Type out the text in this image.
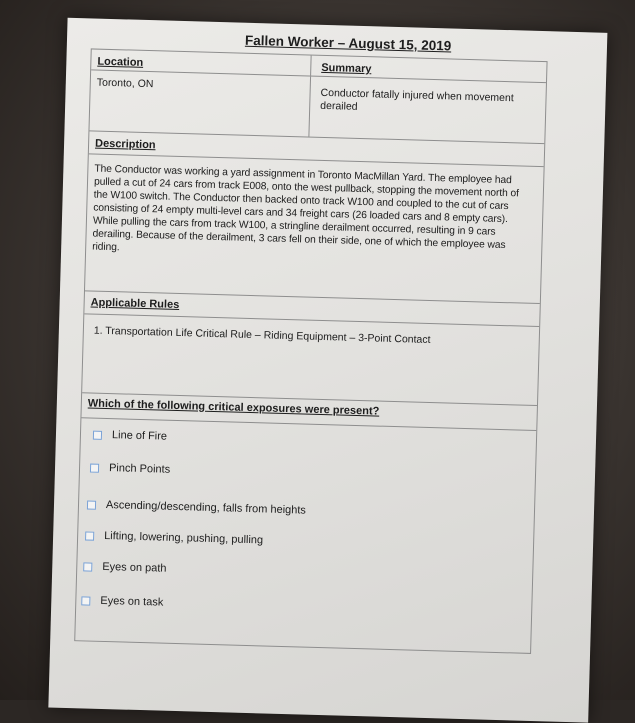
Fallen Worker – August 15, 2019
Location	Summary
Toronto, ON
Conductor fatally injured when movement derailed
Description
The Conductor was working a yard assignment in Toronto MacMillan Yard. The employee had pulled a cut of 24 cars from track E008, onto the west pullback, stopping the movement north of the W100 switch. The Conductor then backed onto track W100 and coupled to the cut of cars consisting of 24 empty multi-level cars and 34 freight cars (26 loaded cars and 8 empty cars). While pulling the cars from track W100, a stringline derailment occurred, resulting in 9 cars derailing. Because of the derailment, 3 cars fell on their side, one of which the employee was riding.
Applicable Rules
1. Transportation Life Critical Rule – Riding Equipment – 3-Point Contact
Which of the following critical exposures were present?
Line of Fire
Pinch Points
Ascending/descending, falls from heights
Lifting, lowering, pushing, pulling
Eyes on path
Eyes on task
